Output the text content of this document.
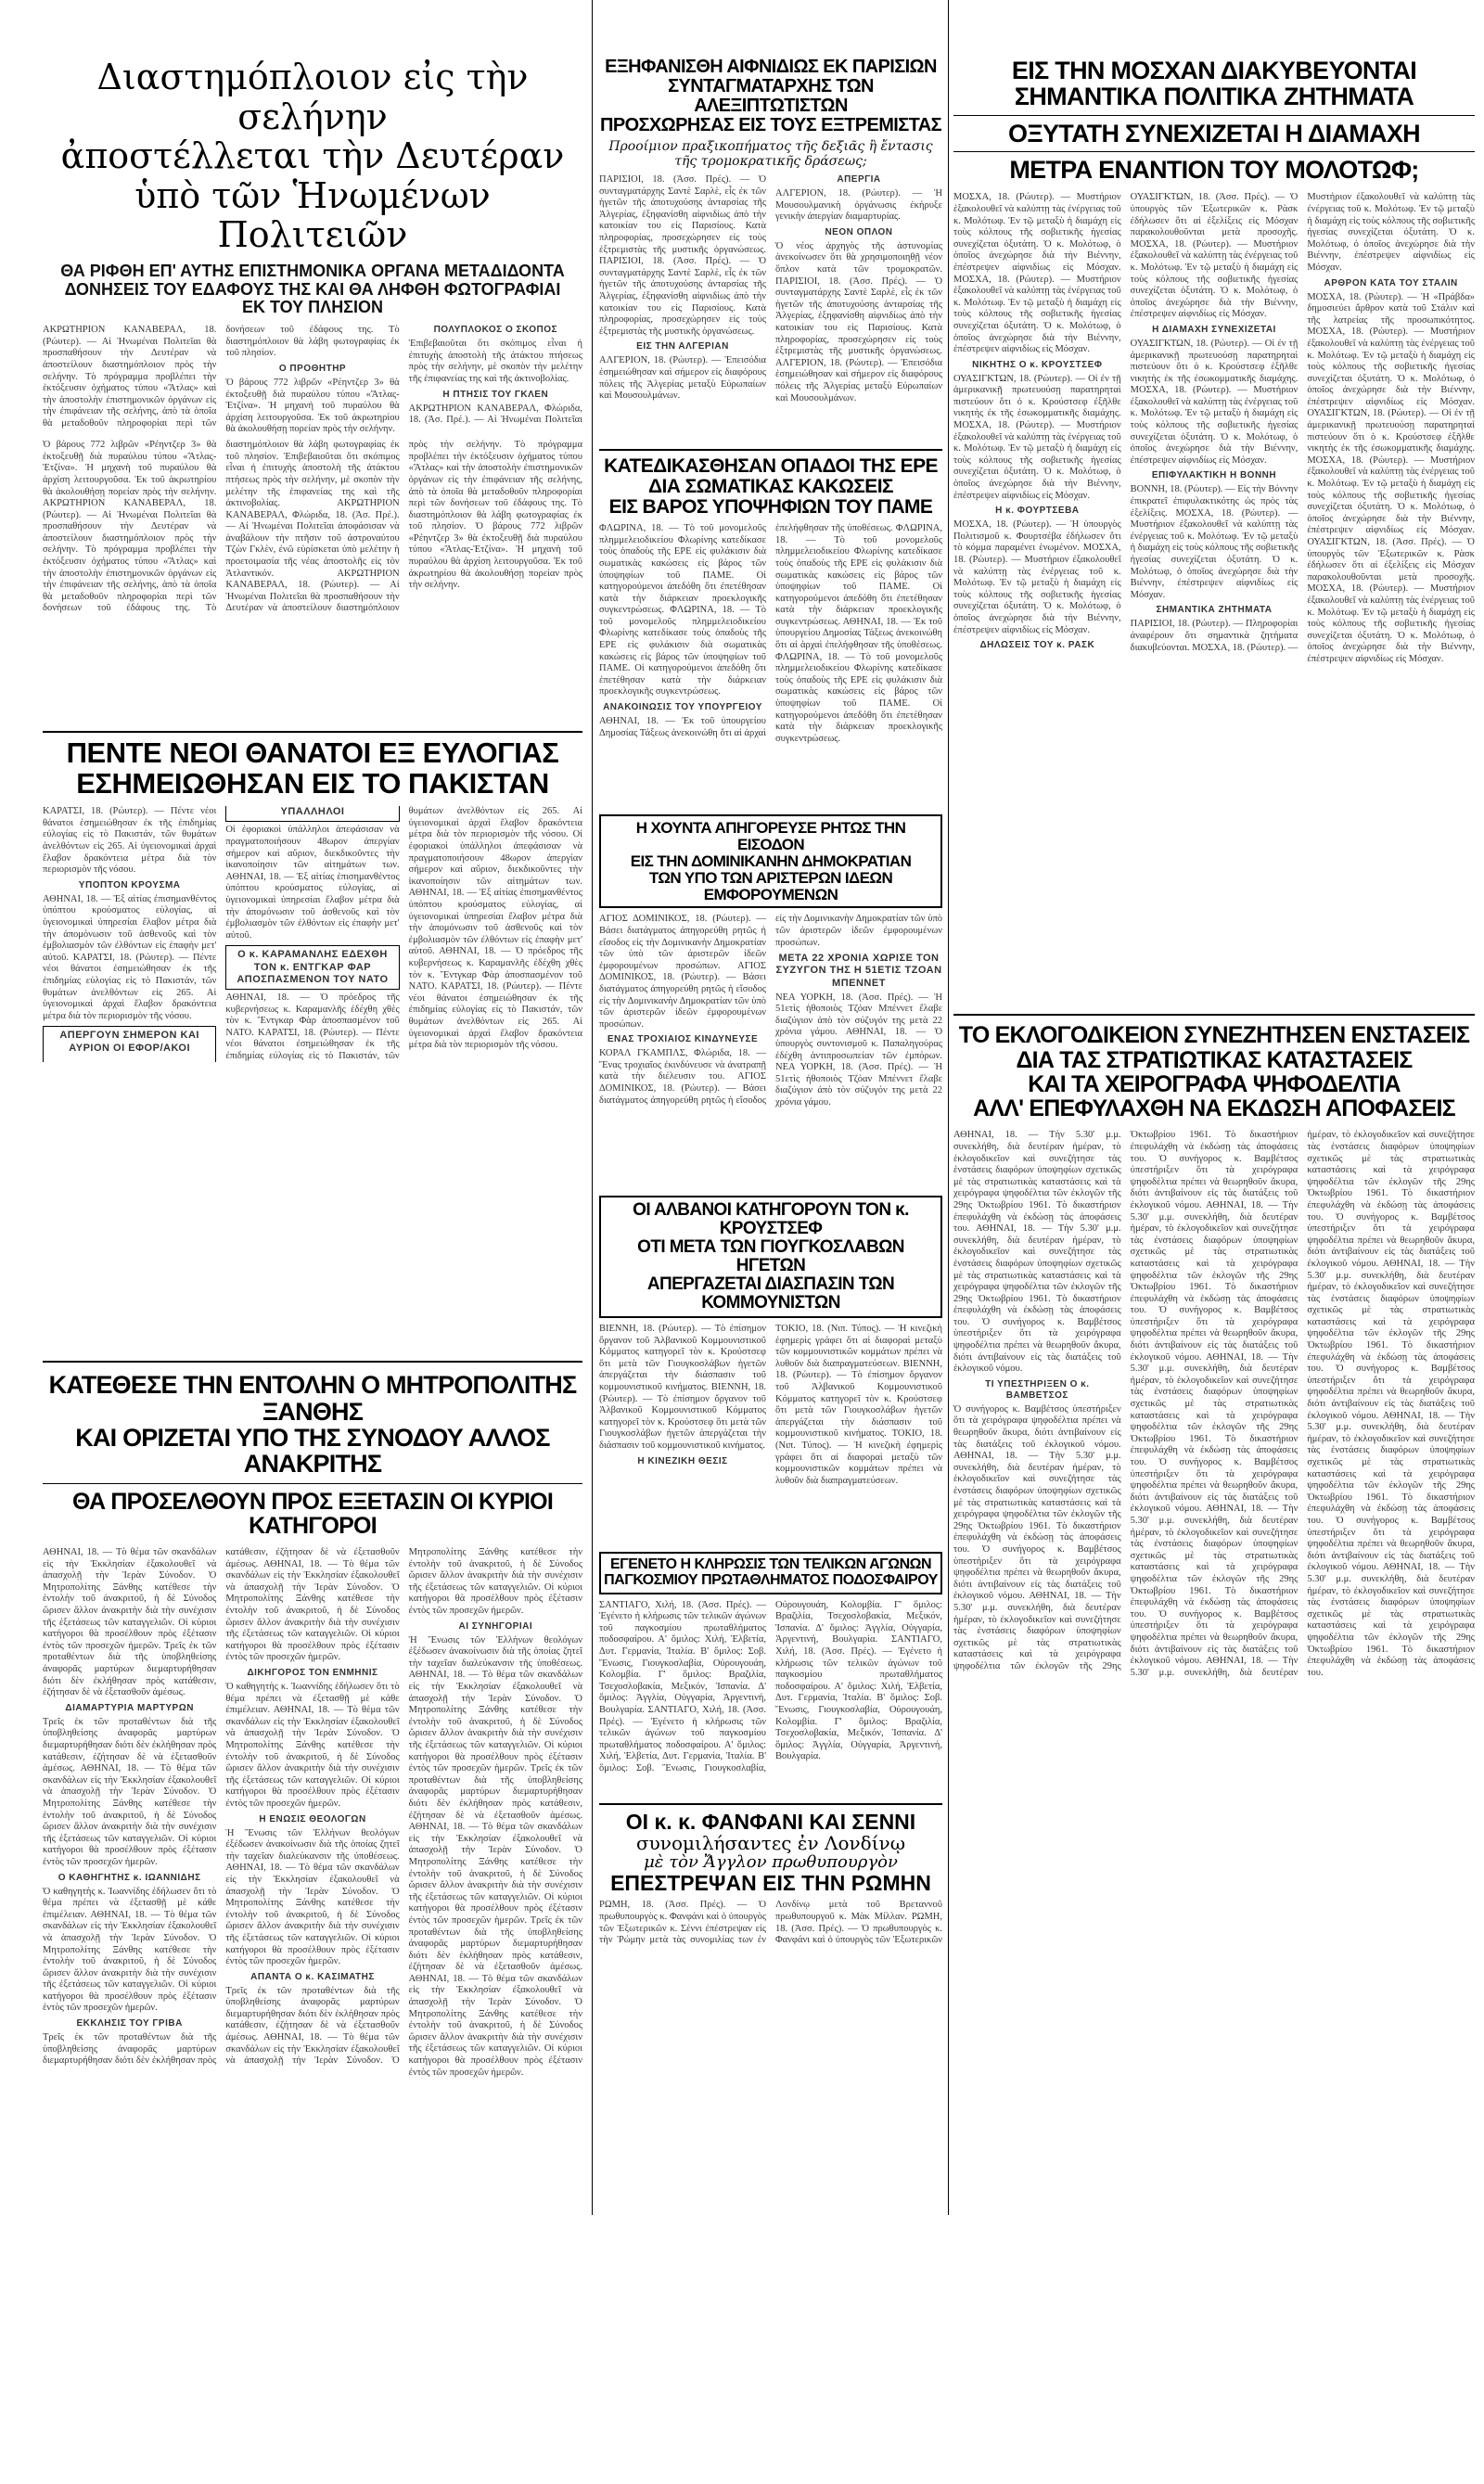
Διαστημόπλοιον εἰς τὴν σελήνην
ἀποστέλλεται τὴν Δευτέραν
ὑπὸ τῶν Ἡνωμένων Πολιτειῶν

ΘΑ ΡΙΦΘΗ ΕΠ' ΑΥΤΗΣ ΕΠΙΣΤΗΜΟΝΙΚΑ ΟΡΓΑΝΑ ΜΕΤΑΔΙΔΟΝΤΑ ΔΟΝΗΣΕΙΣ ΤΟΥ ΕΔΑΦΟΥΣ ΤΗΣ ΚΑΙ ΘΑ ΛΗΦΘΗ ΦΩΤΟΓΡΑΦΙΑΙ ΕΚ ΤΟΥ ΠΛΗΣΙΟΝ

ΑΚΡΩΤΗΡΙΟΝ ΚΑΝΑΒΕΡΑΛ, 18. (Ρώυτερ). — Αἱ Ἡνωμέναι Πολιτεῖαι θὰ προσπαθήσουν τὴν Δευτέραν νὰ ἀποστείλουν διαστημόπλοιον πρὸς τὴν σελήνην. Τὸ πρόγραμμα προβλέπει τὴν ἐκτόξευσιν ὀχήματος τύπου «Ἄτλας» καὶ τὴν ἀποστολὴν ἐπιστημονικῶν ὀργάνων εἰς τὴν ἐπιφάνειαν τῆς σελήνης, ἀπὸ τὰ ὁποῖα θὰ μεταδοθοῦν πληροφορίαι περὶ τῶν δονήσεων τοῦ ἐδάφους της. Τὸ διαστημόπλοιον θὰ λάβη φωτογραφίας ἐκ τοῦ πλησίον.
Ο ΠΡΟΘΗΤΗΡ
Ὁ βάρους 772 λιβρῶν «Ρέηντζερ 3» θὰ ἐκτοξευθῇ διὰ πυραύλου τύπου «Ἄτλας-Ἐτζίνα». Ἡ μηχανὴ τοῦ πυραύλου θὰ ἀρχίση λειτουργοῦσα. Ἐκ τοῦ ἀκρωτηρίου θὰ ἀκολουθήσῃ πορείαν πρὸς τὴν σελήνην.
ΠΟΛΥΠΛΟΚΟΣ Ο ΣΚΟΠΟΣ
Ἐπιβεβαιοῦται ὅτι σκόπιμος εἶναι ἡ ἐπιτυχὴς ἀποστολὴ τῆς ἀτάκτου πτήσεως πρὸς τὴν σελήνην, μὲ σκοπὸν τὴν μελέτην τῆς ἐπιφανείας της καὶ τῆς ἀκτινοβολίας.
Η ΠΤΗΣΙΣ ΤΟΥ ΓΚΛΕΝ
ΑΚΡΩΤΗΡΙΟΝ ΚΑΝΑΒΕΡΑΛ, Φλώριδα, 18. (Ἀσ. Πρέ.). — Αἱ Ἡνωμέναι Πολιτεῖαι
Ὁ βάρους 772 λιβρῶν «Ρέηντζερ 3» θὰ ἐκτοξευθῇ διὰ πυραύλου τύπου «Ἄτλας-Ἐτζίνα». Ἡ μηχανὴ τοῦ πυραύλου θὰ ἀρχίση λειτουργοῦσα. Ἐκ τοῦ ἀκρωτηρίου θὰ ἀκολουθήσῃ πορείαν πρὸς τὴν σελήνην. ΑΚΡΩΤΗΡΙΟΝ ΚΑΝΑΒΕΡΑΛ, 18. (Ρώυτερ). — Αἱ Ἡνωμέναι Πολιτεῖαι θὰ προσπαθήσουν τὴν Δευτέραν νὰ ἀποστείλουν διαστημόπλοιον πρὸς τὴν σελήνην. Τὸ πρόγραμμα προβλέπει τὴν ἐκτόξευσιν ὀχήματος τύπου «Ἄτλας» καὶ τὴν ἀποστολὴν ἐπιστημονικῶν ὀργάνων εἰς τὴν ἐπιφάνειαν τῆς σελήνης, ἀπὸ τὰ ὁποῖα θὰ μεταδοθοῦν πληροφορίαι περὶ τῶν δονήσεων τοῦ ἐδάφους της. Τὸ διαστημόπλοιον θὰ λάβη φωτογραφίας ἐκ τοῦ πλησίον. Ἐπιβεβαιοῦται ὅτι σκόπιμος εἶναι ἡ ἐπιτυχὴς ἀποστολὴ τῆς ἀτάκτου πτήσεως πρὸς τὴν σελήνην, μὲ σκοπὸν τὴν μελέτην τῆς ἐπιφανείας της καὶ τῆς ἀκτινοβολίας.	ΑΚΡΩΤΗΡΙΟΝ ΚΑΝΑΒΕΡΑΛ, Φλώριδα, 18. (Ἀσ. Πρέ.). — Αἱ Ἡνωμέναι Πολιτεῖαι ἀποφάσισαν νὰ ἀναβάλουν τὴν πτῆσιν τοῦ ἀστροναύτου Τζὼν Γκλὲν, ἐνῶ εὑρίσκεται ὑπὸ μελέτην ἡ προετοιμασία τῆς νέας ἀποστολῆς εἰς τὸν Ἀτλαντικόν.	ΑΚΡΩΤΗΡΙΟΝ ΚΑΝΑΒΕΡΑΛ, 18. (Ρώυτερ). — Αἱ Ἡνωμέναι Πολιτεῖαι θὰ προσπαθήσουν τὴν Δευτέραν νὰ ἀποστείλουν διαστημόπλοιον πρὸς τὴν σελήνην. Τὸ πρόγραμμα προβλέπει τὴν ἐκτόξευσιν ὀχήματος τύπου «Ἄτλας» καὶ τὴν ἀποστολὴν ἐπιστημονικῶν ὀργάνων εἰς τὴν ἐπιφάνειαν τῆς σελήνης, ἀπὸ τὰ ὁποῖα θὰ μεταδοθοῦν πληροφορίαι περὶ τῶν δονήσεων τοῦ ἐδάφους της. Τὸ διαστημόπλοιον θὰ λάβη φωτογραφίας ἐκ τοῦ πλησίον. Ὁ βάρους 772 λιβρῶν «Ρέηντζερ 3» θὰ ἐκτοξευθῇ διὰ πυραύλου τύπου «Ἄτλας-Ἐτζίνα». Ἡ μηχανὴ τοῦ πυραύλου θὰ ἀρχίση λειτουργοῦσα. Ἐκ τοῦ ἀκρωτηρίου θὰ ἀκολουθήσῃ πορείαν πρὸς τὴν σελήνην.
ΠΕΝΤΕ ΝΕΟΙ ΘΑΝΑΤΟΙ ΕΞ ΕΥΛΟΓΙΑΣ
ΕΣΗΜΕΙΩΘΗΣΑΝ ΕΙΣ ΤΟ ΠΑΚΙΣΤΑΝ
ΚΑΡΑΤΣΙ, 18. (Ρώυτερ). — Πέντε νέοι θάνατοι ἐσημειώθησαν ἐκ τῆς ἐπιδημίας εὐλογίας εἰς τὸ Πακιστάν, τῶν θυμάτων ἀνελθόντων εἰς 265. Αἱ ὑγειονομικαὶ ἀρχαὶ ἔλαβον δρακόντεια μέτρα διὰ τὸν περιορισμὸν τῆς νόσου.
ΥΠΟΠΤΟΝ ΚΡΟΥΣΜΑ
ΑΘΗΝΑΙ, 18. — Ἐξ αἰτίας ἐπισημανθέντος ὑπόπτου κρούσματος εὐλογίας, αἱ ὑγειονομικαὶ ὑπηρεσίαι ἔλαβον μέτρα διὰ τὴν ἀπομόνωσιν τοῦ ἀσθενοῦς καὶ τὸν ἐμβολιασμὸν τῶν ἐλθόντων εἰς ἐπαφὴν μετ' αὐτοῦ. ΚΑΡΑΤΣΙ, 18. (Ρώυτερ). — Πέντε νέοι θάνατοι ἐσημειώθησαν ἐκ τῆς ἐπιδημίας εὐλογίας εἰς τὸ Πακιστάν, τῶν θυμάτων ἀνελθόντων εἰς 265. Αἱ ὑγειονομικαὶ ἀρχαὶ ἔλαβον δρακόντεια μέτρα διὰ τὸν περιορισμὸν τῆς νόσου.
ΑΠΕΡΓΟΥΝ ΣΗΜΕΡΟΝ ΚΑΙ ΑΥΡΙΟΝ ΟΙ ΕΦΟΡ/ΑΚΟΙ ΥΠΑΛΛΗΛΟΙ
Οἱ ἐφοριακοὶ ὑπάλληλοι ἀπεφάσισαν νὰ πραγματοποιήσουν 48ωρον ἀπεργίαν σήμερον καὶ αὔριον, διεκδικοῦντες τὴν ἱκανοποίησιν τῶν αἰτημάτων των. ΑΘΗΝΑΙ, 18. — Ἐξ αἰτίας ἐπισημανθέντος ὑπόπτου κρούσματος εὐλογίας, αἱ ὑγειονομικαὶ ὑπηρεσίαι ἔλαβον μέτρα διὰ τὴν ἀπομόνωσιν τοῦ ἀσθενοῦς καὶ τὸν ἐμβολιασμὸν τῶν ἐλθόντων εἰς ἐπαφὴν μετ' αὐτοῦ.
Ο κ. ΚΑΡΑΜΑΝΛΗΣ ΕΔΕΧΘΗ ΤΟΝ κ. ΕΝΤΓΚΑΡ ΦΑΡ ΑΠΟΣΠΑΣΜΕΝΟΝ ΤΟΥ ΝΑΤΟ
ΑΘΗΝΑΙ, 18. — Ὁ πρόεδρος τῆς κυβερνήσεως κ. Καραμανλῆς ἐδέχθη χθὲς τὸν κ. Ἔντγκαρ Φὰρ ἀποσπασμένον τοῦ ΝΑΤΟ. ΚΑΡΑΤΣΙ, 18. (Ρώυτερ). — Πέντε νέοι θάνατοι ἐσημειώθησαν ἐκ τῆς ἐπιδημίας εὐλογίας εἰς τὸ Πακιστάν, τῶν θυμάτων ἀνελθόντων εἰς 265. Αἱ ὑγειονομικαὶ ἀρχαὶ ἔλαβον δρακόντεια μέτρα διὰ τὸν περιορισμὸν τῆς νόσου. Οἱ ἐφοριακοὶ ὑπάλληλοι ἀπεφάσισαν νὰ πραγματοποιήσουν 48ωρον ἀπεργίαν σήμερον καὶ αὔριον, διεκδικοῦντες τὴν ἱκανοποίησιν τῶν αἰτημάτων των. ΑΘΗΝΑΙ, 18. — Ἐξ αἰτίας ἐπισημανθέντος ὑπόπτου κρούσματος εὐλογίας, αἱ ὑγειονομικαὶ ὑπηρεσίαι ἔλαβον μέτρα διὰ τὴν ἀπομόνωσιν τοῦ ἀσθενοῦς καὶ τὸν ἐμβολιασμὸν τῶν ἐλθόντων εἰς ἐπαφὴν μετ' αὐτοῦ. ΑΘΗΝΑΙ, 18. — Ὁ πρόεδρος τῆς κυβερνήσεως κ. Καραμανλῆς ἐδέχθη χθὲς τὸν κ. Ἔντγκαρ Φὰρ ἀποσπασμένον τοῦ ΝΑΤΟ. ΚΑΡΑΤΣΙ, 18. (Ρώυτερ). — Πέντε νέοι θάνατοι ἐσημειώθησαν ἐκ τῆς ἐπιδημίας εὐλογίας εἰς τὸ Πακιστάν, τῶν θυμάτων ἀνελθόντων εἰς 265. Αἱ ὑγειονομικαὶ ἀρχαὶ ἔλαβον δρακόντεια μέτρα διὰ τὸν περιορισμὸν τῆς νόσου.
ΚΑΤΕΘΕΣΕ ΤΗΝ ΕΝΤΟΛΗΝ Ο ΜΗΤΡΟΠΟΛΙΤΗΣ ΞΑΝΘΗΣ
ΚΑΙ ΟΡΙΖΕΤΑΙ ΥΠΟ ΤΗΣ ΣΥΝΟΔΟΥ ΑΛΛΟΣ ΑΝΑΚΡΙΤΗΣ
ΘΑ ΠΡΟΣΕΛΘΟΥΝ ΠΡΟΣ ΕΞΕΤΑΣΙΝ ΟΙ ΚΥΡΙΟΙ ΚΑΤΗΓΟΡΟΙ
ΑΘΗΝΑΙ, 18. — Τὸ θέμα τῶν σκανδάλων εἰς τὴν Ἐκκλησίαν ἐξακολουθεῖ νὰ ἀπασχολῇ τὴν Ἱερὰν Σύνοδον. Ὁ Μητροπολίτης Ξάνθης κατέθεσε τὴν ἐντολὴν τοῦ ἀνακριτοῦ, ἡ δὲ Σύνοδος ὥρισεν ἄλλον ἀνακριτὴν διὰ τὴν συνέχισιν τῆς ἐξετάσεως τῶν καταγγελιῶν. Οἱ κύριοι κατήγοροι θὰ προσέλθουν πρὸς ἐξέτασιν ἐντὸς τῶν προσεχῶν ἡμερῶν. Τρεῖς ἐκ τῶν προταθέντων διὰ τῆς ὑποβληθείσης ἀναφορᾶς μαρτύρων διεμαρτυρήθησαν διότι δὲν ἐκλήθησαν πρὸς κατάθεσιν, ἐζήτησαν δὲ νὰ ἐξετασθοῦν ἀμέσως.
ΔΙΑΜΑΡΤΥΡΙΑ ΜΑΡΤΥΡΩΝ
Τρεῖς ἐκ τῶν προταθέντων διὰ τῆς ὑποβληθείσης ἀναφορᾶς μαρτύρων διεμαρτυρήθησαν διότι δὲν ἐκλήθησαν πρὸς κατάθεσιν, ἐζήτησαν δὲ νὰ ἐξετασθοῦν ἀμέσως. ΑΘΗΝΑΙ, 18. — Τὸ θέμα τῶν σκανδάλων εἰς τὴν Ἐκκλησίαν ἐξακολουθεῖ νὰ ἀπασχολῇ τὴν Ἱερὰν Σύνοδον. Ὁ Μητροπολίτης Ξάνθης κατέθεσε τὴν ἐντολὴν τοῦ ἀνακριτοῦ, ἡ δὲ Σύνοδος ὥρισεν ἄλλον ἀνακριτὴν διὰ τὴν συνέχισιν τῆς ἐξετάσεως τῶν καταγγελιῶν. Οἱ κύριοι κατήγοροι θὰ προσέλθουν πρὸς ἐξέτασιν ἐντὸς τῶν προσεχῶν ἡμερῶν.
Ο ΚΑΘΗΓΗΤΗΣ κ. ΙΩΑΝΝΙΔΗΣ
Ὁ καθηγητὴς κ. Ἰωαννίδης ἐδήλωσεν ὅτι τὸ θέμα πρέπει νὰ ἐξετασθῇ μὲ κάθε ἐπιμέλειαν. ΑΘΗΝΑΙ, 18. — Τὸ θέμα τῶν σκανδάλων εἰς τὴν Ἐκκλησίαν ἐξακολουθεῖ νὰ ἀπασχολῇ τὴν Ἱερὰν Σύνοδον. Ὁ Μητροπολίτης Ξάνθης κατέθεσε τὴν ἐντολὴν τοῦ ἀνακριτοῦ, ἡ δὲ Σύνοδος ὥρισεν ἄλλον ἀνακριτὴν διὰ τὴν συνέχισιν τῆς ἐξετάσεως τῶν καταγγελιῶν. Οἱ κύριοι κατήγοροι θὰ προσέλθουν πρὸς ἐξέτασιν ἐντὸς τῶν προσεχῶν ἡμερῶν.
ΕΚΚΛΗΣΙΣ ΤΟΥ ΓΡΙΒΑ
Τρεῖς ἐκ τῶν προταθέντων διὰ τῆς ὑποβληθείσης ἀναφορᾶς μαρτύρων διεμαρτυρήθησαν διότι δὲν ἐκλήθησαν πρὸς κατάθεσιν, ἐζήτησαν δὲ νὰ ἐξετασθοῦν ἀμέσως. ΑΘΗΝΑΙ, 18. — Τὸ θέμα τῶν σκανδάλων εἰς τὴν Ἐκκλησίαν ἐξακολουθεῖ νὰ ἀπασχολῇ τὴν Ἱερὰν Σύνοδον. Ὁ Μητροπολίτης Ξάνθης κατέθεσε τὴν ἐντολὴν τοῦ ἀνακριτοῦ, ἡ δὲ Σύνοδος ὥρισεν ἄλλον ἀνακριτὴν διὰ τὴν συνέχισιν τῆς ἐξετάσεως τῶν καταγγελιῶν. Οἱ κύριοι κατήγοροι θὰ προσέλθουν πρὸς ἐξέτασιν ἐντὸς τῶν προσεχῶν ἡμερῶν.
ΔΙΚΗΓΟΡΟΣ ΤΟΝ ΕΝΜΗΝΙΣ
Ὁ καθηγητὴς κ. Ἰωαννίδης ἐδήλωσεν ὅτι τὸ θέμα πρέπει νὰ ἐξετασθῇ μὲ κάθε ἐπιμέλειαν. ΑΘΗΝΑΙ, 18. — Τὸ θέμα τῶν σκανδάλων εἰς τὴν Ἐκκλησίαν ἐξακολουθεῖ νὰ ἀπασχολῇ τὴν Ἱερὰν Σύνοδον. Ὁ Μητροπολίτης Ξάνθης κατέθεσε τὴν ἐντολὴν τοῦ ἀνακριτοῦ, ἡ δὲ Σύνοδος ὥρισεν ἄλλον ἀνακριτὴν διὰ τὴν συνέχισιν τῆς ἐξετάσεως τῶν καταγγελιῶν. Οἱ κύριοι κατήγοροι θὰ προσέλθουν πρὸς ἐξέτασιν ἐντὸς τῶν προσεχῶν ἡμερῶν.
Η ΕΝΩΣΙΣ ΘΕΟΛΟΓΩΝ
Ἡ Ἕνωσις τῶν Ἑλλήνων θεολόγων ἐξέδωσεν ἀνακοίνωσιν διὰ τῆς ὁποίας ζητεῖ τὴν ταχεῖαν διαλεύκανσιν τῆς ὑποθέσεως. ΑΘΗΝΑΙ, 18. — Τὸ θέμα τῶν σκανδάλων εἰς τὴν Ἐκκλησίαν ἐξακολουθεῖ νὰ ἀπασχολῇ τὴν Ἱερὰν Σύνοδον. Ὁ Μητροπολίτης Ξάνθης κατέθεσε τὴν ἐντολὴν τοῦ ἀνακριτοῦ, ἡ δὲ Σύνοδος ὥρισεν ἄλλον ἀνακριτὴν διὰ τὴν συνέχισιν τῆς ἐξετάσεως τῶν καταγγελιῶν. Οἱ κύριοι κατήγοροι θὰ προσέλθουν πρὸς ἐξέτασιν ἐντὸς τῶν προσεχῶν ἡμερῶν.
ΑΠΑΝΤΑ Ο κ. ΚΑΣΙΜΑΤΗΣ
Τρεῖς ἐκ τῶν προταθέντων διὰ τῆς ὑποβληθείσης ἀναφορᾶς μαρτύρων διεμαρτυρήθησαν διότι δὲν ἐκλήθησαν πρὸς κατάθεσιν, ἐζήτησαν δὲ νὰ ἐξετασθοῦν ἀμέσως. ΑΘΗΝΑΙ, 18. — Τὸ θέμα τῶν σκανδάλων εἰς τὴν Ἐκκλησίαν ἐξακολουθεῖ νὰ ἀπασχολῇ τὴν Ἱερὰν Σύνοδον. Ὁ Μητροπολίτης Ξάνθης κατέθεσε τὴν ἐντολὴν τοῦ ἀνακριτοῦ, ἡ δὲ Σύνοδος ὥρισεν ἄλλον ἀνακριτὴν διὰ τὴν συνέχισιν τῆς ἐξετάσεως τῶν καταγγελιῶν. Οἱ κύριοι κατήγοροι θὰ προσέλθουν πρὸς ἐξέτασιν ἐντὸς τῶν προσεχῶν ἡμερῶν.
ΑΙ ΣΥΝΗΓΟΡΙΑΙ
Ἡ Ἕνωσις τῶν Ἑλλήνων θεολόγων ἐξέδωσεν ἀνακοίνωσιν διὰ τῆς ὁποίας ζητεῖ τὴν ταχεῖαν διαλεύκανσιν τῆς ὑποθέσεως. ΑΘΗΝΑΙ, 18. — Τὸ θέμα τῶν σκανδάλων εἰς τὴν Ἐκκλησίαν ἐξακολουθεῖ νὰ ἀπασχολῇ τὴν Ἱερὰν Σύνοδον. Ὁ Μητροπολίτης Ξάνθης κατέθεσε τὴν ἐντολὴν τοῦ ἀνακριτοῦ, ἡ δὲ Σύνοδος ὥρισεν ἄλλον ἀνακριτὴν διὰ τὴν συνέχισιν τῆς ἐξετάσεως τῶν καταγγελιῶν. Οἱ κύριοι κατήγοροι θὰ προσέλθουν πρὸς ἐξέτασιν ἐντὸς τῶν προσεχῶν ἡμερῶν. Τρεῖς ἐκ τῶν προταθέντων διὰ τῆς ὑποβληθείσης ἀναφορᾶς μαρτύρων διεμαρτυρήθησαν διότι δὲν ἐκλήθησαν πρὸς κατάθεσιν, ἐζήτησαν δὲ νὰ ἐξετασθοῦν ἀμέσως. ΑΘΗΝΑΙ, 18. — Τὸ θέμα τῶν σκανδάλων εἰς τὴν Ἐκκλησίαν ἐξακολουθεῖ νὰ ἀπασχολῇ τὴν Ἱερὰν Σύνοδον. Ὁ Μητροπολίτης Ξάνθης κατέθεσε τὴν ἐντολὴν τοῦ ἀνακριτοῦ, ἡ δὲ Σύνοδος ὥρισεν ἄλλον ἀνακριτὴν διὰ τὴν συνέχισιν τῆς ἐξετάσεως τῶν καταγγελιῶν. Οἱ κύριοι κατήγοροι θὰ προσέλθουν πρὸς ἐξέτασιν ἐντὸς τῶν προσεχῶν ἡμερῶν. Τρεῖς ἐκ τῶν προταθέντων διὰ τῆς ὑποβληθείσης ἀναφορᾶς μαρτύρων διεμαρτυρήθησαν διότι δὲν ἐκλήθησαν πρὸς κατάθεσιν, ἐζήτησαν δὲ νὰ ἐξετασθοῦν ἀμέσως. ΑΘΗΝΑΙ, 18. — Τὸ θέμα τῶν σκανδάλων εἰς τὴν Ἐκκλησίαν ἐξακολουθεῖ νὰ ἀπασχολῇ τὴν Ἱερὰν Σύνοδον. Ὁ Μητροπολίτης Ξάνθης κατέθεσε τὴν ἐντολὴν τοῦ ἀνακριτοῦ, ἡ δὲ Σύνοδος ὥρισεν ἄλλον ἀνακριτὴν διὰ τὴν συνέχισιν τῆς ἐξετάσεως τῶν καταγγελιῶν. Οἱ κύριοι κατήγοροι θὰ προσέλθουν πρὸς ἐξέτασιν ἐντὸς τῶν προσεχῶν ἡμερῶν.
ΕΞΗΦΑΝΙΣΘΗ ΑΙΦΝΙΔΙΩΣ ΕΚ ΠΑΡΙΣΙΩΝ
ΣΥΝΤΑΓΜΑΤΑΡΧΗΣ ΤΩΝ ΑΛΕΞΙΠΤΩΤΙΣΤΩΝ
ΠΡΟΣΧΩΡΗΣΑΣ ΕΙΣ ΤΟΥΣ ΕΞΤΡΕΜΙΣΤΑΣ

Προοίμιον πραξικοπήματος τῆς δεξιᾶς ἢ ἔντασις τῆς τρομοκρατικῆς δράσεως;

ΠΑΡΙΣΙΟΙ, 18. (Ἀσσ. Πρές). — Ὁ συνταγματάρχης Σαντὲ Σαρλὲ, εἷς ἐκ τῶν ἡγετῶν τῆς ἀποτυχούσης ἀνταρσίας τῆς Ἀλγερίας, ἐξηφανίσθη αἰφνιδίως ἀπὸ τὴν κατοικίαν του εἰς Παρισίους. Κατὰ πληροφορίας, προσεχώρησεν εἰς τοὺς ἐξτρεμιστὰς τῆς μυστικῆς ὀργανώσεως. ΠΑΡΙΣΙΟΙ, 18. (Ἀσσ. Πρές). — Ὁ συνταγματάρχης Σαντὲ Σαρλὲ, εἷς ἐκ τῶν ἡγετῶν τῆς ἀποτυχούσης ἀνταρσίας τῆς Ἀλγερίας, ἐξηφανίσθη αἰφνιδίως ἀπὸ τὴν κατοικίαν του εἰς Παρισίους. Κατὰ πληροφορίας, προσεχώρησεν εἰς τοὺς ἐξτρεμιστὰς τῆς μυστικῆς ὀργανώσεως.
ΕΙΣ ΤΗΝ ΑΛΓΕΡΙΑΝ
ΑΛΓΕΡΙΟΝ, 18. (Ρώυτερ). — Ἐπεισόδια ἐσημειώθησαν καὶ σήμερον εἰς διαφόρους πόλεις τῆς Ἀλγερίας μεταξὺ Εὐρωπαίων καὶ Μουσουλμάνων.
ΑΠΕΡΓΙΑ
ΑΛΓΕΡΙΟΝ, 18. (Ρώυτερ). — Ἡ Μουσουλμανικὴ ὀργάνωσις ἐκήρυξε γενικὴν ἀπεργίαν διαμαρτυρίας.
ΝΕΟΝ ΟΠΛΟΝ
Ὁ νέος ἀρχηγὸς τῆς ἀστυνομίας ἀνεκοίνωσεν ὅτι θὰ χρησιμοποιηθῇ νέον ὅπλον κατὰ τῶν τρομοκρατῶν. ΠΑΡΙΣΙΟΙ, 18. (Ἀσσ. Πρές). — Ὁ συνταγματάρχης Σαντὲ Σαρλὲ, εἷς ἐκ τῶν ἡγετῶν τῆς ἀποτυχούσης ἀνταρσίας τῆς Ἀλγερίας, ἐξηφανίσθη αἰφνιδίως ἀπὸ τὴν κατοικίαν του εἰς Παρισίους. Κατὰ πληροφορίας, προσεχώρησεν εἰς τοὺς ἐξτρεμιστὰς τῆς μυστικῆς ὀργανώσεως. ΑΛΓΕΡΙΟΝ, 18. (Ρώυτερ). — Ἐπεισόδια ἐσημειώθησαν καὶ σήμερον εἰς διαφόρους πόλεις τῆς Ἀλγερίας μεταξὺ Εὐρωπαίων καὶ Μουσουλμάνων.
ΚΑΤΕΔΙΚΑΣΘΗΣΑΝ ΟΠΑΔΟΙ ΤΗΣ ΕΡΕ
ΔΙΑ ΣΩΜΑΤΙΚΑΣ ΚΑΚΩΣΕΙΣ
ΕΙΣ ΒΑΡΟΣ ΥΠΟΨΗΦΙΩΝ ΤΟΥ ΠΑΜΕ
ΦΛΩΡΙΝΑ, 18. — Τὸ τοῦ μονομελοῦς πλημμελειοδικείου Φλωρίνης κατεδίκασε τοὺς ὀπαδοὺς τῆς ΕΡΕ εἰς φυλάκισιν διὰ σωματικὰς κακώσεις εἰς βάρος τῶν ὑποψηφίων τοῦ ΠΑΜΕ. Οἱ κατηγορούμενοι ἀπεδόθη ὅτι ἐπετέθησαν κατὰ τὴν διάρκειαν προεκλογικῆς συγκεντρώσεως. ΦΛΩΡΙΝΑ, 18. — Τὸ τοῦ μονομελοῦς πλημμελειοδικείου Φλωρίνης κατεδίκασε τοὺς ὀπαδοὺς τῆς ΕΡΕ εἰς φυλάκισιν διὰ σωματικὰς κακώσεις εἰς βάρος τῶν ὑποψηφίων τοῦ ΠΑΜΕ. Οἱ κατηγορούμενοι ἀπεδόθη ὅτι ἐπετέθησαν κατὰ τὴν διάρκειαν προεκλογικῆς συγκεντρώσεως.
ΑΝΑΚΟΙΝΩΣΙΣ ΤΟΥ ΥΠΟΥΡΓΕΙΟΥ
ΑΘΗΝΑΙ, 18. — Ἐκ τοῦ ὑπουργείου Δημοσίας Τάξεως ἀνεκοινώθη ὅτι αἱ ἀρχαὶ ἐπελήφθησαν τῆς ὑποθέσεως. ΦΛΩΡΙΝΑ, 18. — Τὸ τοῦ μονομελοῦς πλημμελειοδικείου Φλωρίνης κατεδίκασε τοὺς ὀπαδοὺς τῆς ΕΡΕ εἰς φυλάκισιν διὰ σωματικὰς κακώσεις εἰς βάρος τῶν ὑποψηφίων τοῦ ΠΑΜΕ. Οἱ κατηγορούμενοι ἀπεδόθη ὅτι ἐπετέθησαν κατὰ τὴν διάρκειαν προεκλογικῆς συγκεντρώσεως. ΑΘΗΝΑΙ, 18. — Ἐκ τοῦ ὑπουργείου Δημοσίας Τάξεως ἀνεκοινώθη ὅτι αἱ ἀρχαὶ ἐπελήφθησαν τῆς ὑποθέσεως. ΦΛΩΡΙΝΑ, 18. — Τὸ τοῦ μονομελοῦς πλημμελειοδικείου Φλωρίνης κατεδίκασε τοὺς ὀπαδοὺς τῆς ΕΡΕ εἰς φυλάκισιν διὰ σωματικὰς κακώσεις εἰς βάρος τῶν ὑποψηφίων τοῦ ΠΑΜΕ. Οἱ κατηγορούμενοι ἀπεδόθη ὅτι ἐπετέθησαν κατὰ τὴν διάρκειαν προεκλογικῆς συγκεντρώσεως.
Η ΧΟΥΝΤΑ ΑΠΗΓΟΡΕΥΣΕ ΡΗΤΩΣ ΤΗΝ ΕΙΣΟΔΟΝ
ΕΙΣ ΤΗΝ ΔΟΜΙΝΙΚΑΝΗΝ ΔΗΜΟΚΡΑΤΙΑΝ
ΤΩΝ ΥΠΟ ΤΩΝ ΑΡΙΣΤΕΡΩΝ ΙΔΕΩΝ ΕΜΦΟΡΟΥΜΕΝΩΝ
ΑΓΙΟΣ ΔΟΜΙΝΙΚΟΣ, 18. (Ρώυτερ). — Βάσει διατάγματος ἀπηγορεύθη ρητῶς ἡ εἴσοδος εἰς τὴν Δομινικανὴν Δημοκρατίαν τῶν ὑπὸ τῶν ἀριστερῶν ἰδεῶν ἐμφορουμένων προσώπων. ΑΓΙΟΣ ΔΟΜΙΝΙΚΟΣ, 18. (Ρώυτερ). — Βάσει διατάγματος ἀπηγορεύθη ρητῶς ἡ εἴσοδος εἰς τὴν Δομινικανὴν Δημοκρατίαν τῶν ὑπὸ τῶν ἀριστερῶν ἰδεῶν ἐμφορουμένων προσώπων.
ΕΝΑΣ ΤΡΟΧΙΑΙΟΣ ΚΙΝΔΥΝΕΥΣΕ
ΚΟΡΑΛ ΓΚΑΜΠΛΣ, Φλώριδα, 18. — Ἕνας τροχιαῖος ἐκινδύνευσε νὰ ἀνατραπῇ κατὰ τὴν διέλευσιν του. ΑΓΙΟΣ ΔΟΜΙΝΙΚΟΣ, 18. (Ρώυτερ). — Βάσει διατάγματος ἀπηγορεύθη ρητῶς ἡ εἴσοδος εἰς τὴν Δομινικανὴν Δημοκρατίαν τῶν ὑπὸ τῶν ἀριστερῶν ἰδεῶν ἐμφορουμένων προσώπων.
ΜΕΤΑ 22 ΧΡΟΝΙΑ ΧΩΡΙΣΕ ΤΟΝ ΣΥΖΥΓΟΝ ΤΗΣ Η 51ΕΤΙΣ ΤΖΟΑΝ ΜΠΕΝΝΕΤ
ΝΕΑ ΥΟΡΚΗ, 18. (Ἀσσ. Πρές). — Ἡ 51ετὶς ἠθοποιὸς Τζόαν Μπέννετ ἔλαβε διαζύγιον ἀπὸ τὸν σύζυγόν της μετὰ 22 χρόνια γάμου. ΑΘΗΝΑΙ, 18. — Ὁ ὑπουργὸς συντονισμοῦ κ. Παπαληγούρας ἐδέχθη ἀντιπροσωπείαν τῶν ἐμπόρων. ΝΕΑ ΥΟΡΚΗ, 18. (Ἀσσ. Πρές). — Ἡ 51ετὶς ἠθοποιὸς Τζόαν Μπέννετ ἔλαβε διαζύγιον ἀπὸ τὸν σύζυγόν της μετὰ 22 χρόνια γάμου.
ΟΙ ΑΛΒΑΝΟΙ ΚΑΤΗΓΟΡΟΥΝ ΤΟΝ κ. ΚΡΟΥΣΤΣΕΦ
ΟΤΙ ΜΕΤΑ ΤΩΝ ΓΙΟΥΓΚΟΣΛΑΒΩΝ ΗΓΕΤΩΝ
ΑΠΕΡΓΑΖΕΤΑΙ ΔΙΑΣΠΑΣΙΝ ΤΩΝ ΚΟΜΜΟΥΝΙΣΤΩΝ
ΒΙΕΝΝΗ, 18. (Ρώυτερ). — Τὸ ἐπίσημον ὄργανον τοῦ Ἀλβανικοῦ Κομμουνιστικοῦ Κόμματος κατηγορεῖ τὸν κ. Κρούστσεφ ὅτι μετὰ τῶν Γιουγκοσλάβων ἡγετῶν ἀπεργάζεται τὴν διάσπασιν τοῦ κομμουνιστικοῦ κινήματος. ΒΙΕΝΝΗ, 18. (Ρώυτερ). — Τὸ ἐπίσημον ὄργανον τοῦ Ἀλβανικοῦ Κομμουνιστικοῦ Κόμματος κατηγορεῖ τὸν κ. Κρούστσεφ ὅτι μετὰ τῶν Γιουγκοσλάβων ἡγετῶν ἀπεργάζεται τὴν διάσπασιν τοῦ κομμουνιστικοῦ κινήματος.
Η ΚΙΝΕΖΙΚΗ ΘΕΣΙΣ
ΤΟΚΙΟ, 18. (Νιπ. Τύπος). — Ἡ κινεζικὴ ἐφημερὶς γράφει ὅτι αἱ διαφοραὶ μεταξὺ τῶν κομμουνιστικῶν κομμάτων πρέπει νὰ λυθοῦν διὰ διαπραγματεύσεων. ΒΙΕΝΝΗ, 18. (Ρώυτερ). — Τὸ ἐπίσημον ὄργανον τοῦ Ἀλβανικοῦ Κομμουνιστικοῦ Κόμματος κατηγορεῖ τὸν κ. Κρούστσεφ ὅτι μετὰ τῶν Γιουγκοσλάβων ἡγετῶν ἀπεργάζεται τὴν διάσπασιν τοῦ κομμουνιστικοῦ κινήματος. ΤΟΚΙΟ, 18. (Νιπ. Τύπος). — Ἡ κινεζικὴ ἐφημερὶς γράφει ὅτι αἱ διαφοραὶ μεταξὺ τῶν κομμουνιστικῶν κομμάτων πρέπει νὰ λυθοῦν διὰ διαπραγματεύσεων.
ΕΓΕΝΕΤΟ Η ΚΛΗΡΩΣΙΣ ΤΩΝ ΤΕΛΙΚΩΝ ΑΓΩΝΩΝ
ΠΑΓΚΟΣΜΙΟΥ ΠΡΩΤΑΘΛΗΜΑΤΟΣ ΠΟΔΟΣΦΑΙΡΟΥ
ΣΑΝΤΙΑΓΟ, Χιλή, 18. (Ἀσσ. Πρές). — Ἐγένετο ἡ κλήρωσις τῶν τελικῶν ἀγώνων τοῦ παγκοσμίου πρωταθλήματος ποδοσφαίρου. Α' ὅμιλος: Χιλή, Ἑλβετία, Δυτ. Γερμανία, Ἰταλία. Β' ὅμιλος: Σοβ. Ἕνωσις, Γιουγκοσλαβία, Οὐρουγουάη, Κολομβία. Γ' ὅμιλος: Βραζιλία, Τσεχοσλοβακία, Μεξικόν, Ἱσπανία. Δ' ὅμιλος: Ἀγγλία, Οὑγγαρία, Ἀργεντινή, Βουλγαρία. ΣΑΝΤΙΑΓΟ, Χιλή, 18. (Ἀσσ. Πρές). — Ἐγένετο ἡ κλήρωσις τῶν τελικῶν ἀγώνων τοῦ παγκοσμίου πρωταθλήματος ποδοσφαίρου. Α' ὅμιλος: Χιλή, Ἑλβετία, Δυτ. Γερμανία, Ἰταλία. Β' ὅμιλος: Σοβ. Ἕνωσις, Γιουγκοσλαβία, Οὐρουγουάη, Κολομβία. Γ' ὅμιλος: Βραζιλία, Τσεχοσλοβακία, Μεξικόν, Ἱσπανία. Δ' ὅμιλος: Ἀγγλία, Οὑγγαρία, Ἀργεντινή, Βουλγαρία. ΣΑΝΤΙΑΓΟ, Χιλή, 18. (Ἀσσ. Πρές). — Ἐγένετο ἡ κλήρωσις τῶν τελικῶν ἀγώνων τοῦ παγκοσμίου πρωταθλήματος ποδοσφαίρου. Α' ὅμιλος: Χιλή, Ἑλβετία, Δυτ. Γερμανία, Ἰταλία. Β' ὅμιλος: Σοβ. Ἕνωσις, Γιουγκοσλαβία, Οὐρουγουάη, Κολομβία. Γ' ὅμιλος: Βραζιλία, Τσεχοσλοβακία, Μεξικόν, Ἱσπανία. Δ' ὅμιλος: Ἀγγλία, Οὑγγαρία, Ἀργεντινή, Βουλγαρία.
ΟΙ κ. κ. ΦΑΝΦΑΝΙ ΚΑΙ ΣΕΝΝΙ

συνομιλήσαντες ἐν Λονδίνῳ

μὲ τὸν Ἄγγλον πρωθυπουργὸν

ΕΠΕΣΤΡΕΨΑΝ ΕΙΣ ΤΗΝ ΡΩΜΗΝ
ΡΩΜΗ, 18. (Ἀσσ. Πρές). — Ὁ πρωθυπουργὸς κ. Φανφάνι καὶ ὁ ὑπουργὸς τῶν Ἐξωτερικῶν κ. Σέννι ἐπέστρεψαν εἰς τὴν Ῥώμην μετὰ τὰς συνομιλίας των ἐν Λονδίνῳ μετὰ τοῦ Βρεταννοῦ πρωθυπουργοῦ κ. Μὰκ Μίλλαν. ΡΩΜΗ, 18. (Ἀσσ. Πρές). — Ὁ πρωθυπουργὸς κ. Φανφάνι καὶ ὁ ὑπουργὸς τῶν Ἐξωτερικῶν
ΕΙΣ ΤΗΝ ΜΟΣΧΑΝ ΔΙΑΚΥΒΕΥΟΝΤΑΙ
ΣΗΜΑΝΤΙΚΑ ΠΟΛΙΤΙΚΑ ΖΗΤΗΜΑΤΑ
ΟΞΥΤΑΤΗ ΣΥΝΕΧΙΖΕΤΑΙ Η ΔΙΑΜΑΧΗ
ΜΕΤΡΑ ΕΝΑΝΤΙΟΝ ΤΟΥ ΜΟΛΟΤΩΦ;
ΜΟΣΧΑ, 18. (Ρώυτερ). — Μυστήριον ἐξακολουθεῖ νὰ καλύπτῃ τὰς ἐνέργειας τοῦ κ. Μολότωφ. Ἐν τῷ μεταξὺ ἡ διαμάχη εἰς τοὺς κόλπους τῆς σοβιετικῆς ἡγεσίας συνεχίζεται ὀξυτάτη. Ὁ κ. Μολότωφ, ὁ ὁποῖος ἀνεχώρησε διὰ τὴν Βιέννην, ἐπέστρεψεν αἰφνιδίως εἰς Μόσχαν. ΜΟΣΧΑ, 18. (Ρώυτερ). — Μυστήριον ἐξακολουθεῖ νὰ καλύπτῃ τὰς ἐνέργειας τοῦ κ. Μολότωφ. Ἐν τῷ μεταξὺ ἡ διαμάχη εἰς τοὺς κόλπους τῆς σοβιετικῆς ἡγεσίας συνεχίζεται ὀξυτάτη. Ὁ κ. Μολότωφ, ὁ ὁποῖος ἀνεχώρησε διὰ τὴν Βιέννην, ἐπέστρεψεν αἰφνιδίως εἰς Μόσχαν.
ΝΙΚΗΤΗΣ Ο κ. ΚΡΟΥΣΤΣΕΦ
ΟΥΑΣΙΓΚΤΩΝ, 18. (Ρώυτερ). — Οἱ ἐν τῇ ἀμερικανικῇ πρωτευούσῃ παρατηρηταὶ πιστεύουν ὅτι ὁ κ. Κρούστσεφ ἐξῆλθε νικητὴς ἐκ τῆς ἐσωκομματικῆς διαμάχης. ΜΟΣΧΑ, 18. (Ρώυτερ). — Μυστήριον ἐξακολουθεῖ νὰ καλύπτῃ τὰς ἐνέργειας τοῦ κ. Μολότωφ. Ἐν τῷ μεταξὺ ἡ διαμάχη εἰς τοὺς κόλπους τῆς σοβιετικῆς ἡγεσίας συνεχίζεται ὀξυτάτη. Ὁ κ. Μολότωφ, ὁ ὁποῖος ἀνεχώρησε διὰ τὴν Βιέννην, ἐπέστρεψεν αἰφνιδίως εἰς Μόσχαν.
Η κ. ΦΟΥΡΤΣΕΒΑ
ΜΟΣΧΑ, 18. (Ρώυτερ). — Ἡ ὑπουργὸς Πολιτισμοῦ κ. Φουρτσέβα ἐδήλωσεν ὅτι τὸ κόμμα παραμένει ἑνωμένον. ΜΟΣΧΑ, 18. (Ρώυτερ). — Μυστήριον ἐξακολουθεῖ νὰ καλύπτῃ τὰς ἐνέργειας τοῦ κ. Μολότωφ. Ἐν τῷ μεταξὺ ἡ διαμάχη εἰς τοὺς κόλπους τῆς σοβιετικῆς ἡγεσίας συνεχίζεται ὀξυτάτη. Ὁ κ. Μολότωφ, ὁ ὁποῖος ἀνεχώρησε διὰ τὴν Βιέννην, ἐπέστρεψεν αἰφνιδίως εἰς Μόσχαν.
ΔΗΛΩΣΕΙΣ ΤΟΥ κ. ΡΑΣΚ
ΟΥΑΣΙΓΚΤΩΝ, 18. (Ἀσσ. Πρές). — Ὁ ὑπουργὸς τῶν Ἐξωτερικῶν κ. Ρὰσκ ἐδήλωσεν ὅτι αἱ ἐξελίξεις εἰς Μόσχαν παρακολουθοῦνται μετὰ προσοχῆς. ΜΟΣΧΑ, 18. (Ρώυτερ). — Μυστήριον ἐξακολουθεῖ νὰ καλύπτῃ τὰς ἐνέργειας τοῦ κ. Μολότωφ. Ἐν τῷ μεταξὺ ἡ διαμάχη εἰς τοὺς κόλπους τῆς σοβιετικῆς ἡγεσίας συνεχίζεται ὀξυτάτη. Ὁ κ. Μολότωφ, ὁ ὁποῖος ἀνεχώρησε διὰ τὴν Βιέννην, ἐπέστρεψεν αἰφνιδίως εἰς Μόσχαν.
Η ΔΙΑΜΑΧΗ ΣΥΝΕΧΙΖΕΤΑΙ
ΟΥΑΣΙΓΚΤΩΝ, 18. (Ρώυτερ). — Οἱ ἐν τῇ ἀμερικανικῇ πρωτευούσῃ παρατηρηταὶ πιστεύουν ὅτι ὁ κ. Κρούστσεφ ἐξῆλθε νικητὴς ἐκ τῆς ἐσωκομματικῆς διαμάχης. ΜΟΣΧΑ, 18. (Ρώυτερ). — Μυστήριον ἐξακολουθεῖ νὰ καλύπτῃ τὰς ἐνέργειας τοῦ κ. Μολότωφ. Ἐν τῷ μεταξὺ ἡ διαμάχη εἰς τοὺς κόλπους τῆς σοβιετικῆς ἡγεσίας συνεχίζεται ὀξυτάτη. Ὁ κ. Μολότωφ, ὁ ὁποῖος ἀνεχώρησε διὰ τὴν Βιέννην, ἐπέστρεψεν αἰφνιδίως εἰς Μόσχαν.
ΕΠΙΦΥΛΑΚΤΙΚΗ Η ΒΟΝΝΗ
ΒΟΝΝΗ, 18. (Ρώυτερ). — Εἰς τὴν Βόννην ἐπικρατεῖ ἐπιφυλακτικότης ὡς πρὸς τὰς ἐξελίξεις. ΜΟΣΧΑ, 18. (Ρώυτερ). — Μυστήριον ἐξακολουθεῖ νὰ καλύπτῃ τὰς ἐνέργειας τοῦ κ. Μολότωφ. Ἐν τῷ μεταξὺ ἡ διαμάχη εἰς τοὺς κόλπους τῆς σοβιετικῆς ἡγεσίας συνεχίζεται ὀξυτάτη. Ὁ κ. Μολότωφ, ὁ ὁποῖος ἀνεχώρησε διὰ τὴν Βιέννην, ἐπέστρεψεν αἰφνιδίως εἰς Μόσχαν.
ΣΗΜΑΝΤΙΚΑ ΖΗΤΗΜΑΤΑ
ΠΑΡΙΣΙΟΙ, 18. (Ρώυτερ). — Πληροφορίαι ἀναφέρουν ὅτι σημαντικὰ ζητήματα διακυβεύονται. ΜΟΣΧΑ, 18. (Ρώυτερ). — Μυστήριον ἐξακολουθεῖ νὰ καλύπτῃ τὰς ἐνέργειας τοῦ κ. Μολότωφ. Ἐν τῷ μεταξὺ ἡ διαμάχη εἰς τοὺς κόλπους τῆς σοβιετικῆς ἡγεσίας συνεχίζεται ὀξυτάτη. Ὁ κ. Μολότωφ, ὁ ὁποῖος ἀνεχώρησε διὰ τὴν Βιέννην, ἐπέστρεψεν αἰφνιδίως εἰς Μόσχαν.
ΑΡΘΡΟΝ ΚΑΤΑ ΤΟΥ ΣΤΑΛΙΝ
ΜΟΣΧΑ, 18. (Ρώυτερ). — Ἡ «Πράβδα» δημοσιεύει ἄρθρον κατὰ τοῦ Στάλιν καὶ τῆς λατρείας τῆς προσωπικότητος. ΜΟΣΧΑ, 18. (Ρώυτερ). — Μυστήριον ἐξακολουθεῖ νὰ καλύπτῃ τὰς ἐνέργειας τοῦ κ. Μολότωφ. Ἐν τῷ μεταξὺ ἡ διαμάχη εἰς τοὺς κόλπους τῆς σοβιετικῆς ἡγεσίας συνεχίζεται ὀξυτάτη. Ὁ κ. Μολότωφ, ὁ ὁποῖος ἀνεχώρησε διὰ τὴν Βιέννην, ἐπέστρεψεν αἰφνιδίως εἰς Μόσχαν. ΟΥΑΣΙΓΚΤΩΝ, 18. (Ρώυτερ). — Οἱ ἐν τῇ ἀμερικανικῇ πρωτευούσῃ παρατηρηταὶ πιστεύουν ὅτι ὁ κ. Κρούστσεφ ἐξῆλθε νικητὴς ἐκ τῆς ἐσωκομματικῆς διαμάχης. ΜΟΣΧΑ, 18. (Ρώυτερ). — Μυστήριον ἐξακολουθεῖ νὰ καλύπτῃ τὰς ἐνέργειας τοῦ κ. Μολότωφ. Ἐν τῷ μεταξὺ ἡ διαμάχη εἰς τοὺς κόλπους τῆς σοβιετικῆς ἡγεσίας συνεχίζεται ὀξυτάτη. Ὁ κ. Μολότωφ, ὁ ὁποῖος ἀνεχώρησε διὰ τὴν Βιέννην, ἐπέστρεψεν αἰφνιδίως εἰς Μόσχαν. ΟΥΑΣΙΓΚΤΩΝ, 18. (Ἀσσ. Πρές). — Ὁ ὑπουργὸς τῶν Ἐξωτερικῶν κ. Ρὰσκ ἐδήλωσεν ὅτι αἱ ἐξελίξεις εἰς Μόσχαν παρακολουθοῦνται μετὰ προσοχῆς. ΜΟΣΧΑ, 18. (Ρώυτερ). — Μυστήριον ἐξακολουθεῖ νὰ καλύπτῃ τὰς ἐνέργειας τοῦ κ. Μολότωφ. Ἐν τῷ μεταξὺ ἡ διαμάχη εἰς τοὺς κόλπους τῆς σοβιετικῆς ἡγεσίας συνεχίζεται ὀξυτάτη. Ὁ κ. Μολότωφ, ὁ ὁποῖος ἀνεχώρησε διὰ τὴν Βιέννην, ἐπέστρεψεν αἰφνιδίως εἰς Μόσχαν.
ΤΟ ΕΚΛΟΓΟΔΙΚΕΙΟΝ ΣΥΝΕΖΗΤΗΣΕΝ ΕΝΣΤΑΣΕΙΣ
ΔΙΑ ΤΑΣ ΣΤΡΑΤΙΩΤΙΚΑΣ ΚΑΤΑΣΤΑΣΕΙΣ
ΚΑΙ ΤΑ ΧΕΙΡΟΓΡΑΦΑ ΨΗΦΟΔΕΛΤΙΑ
ΑΛΛ' ΕΠΕΦΥΛΑΧΘΗ ΝΑ ΕΚΔΩΣΗ ΑΠΟΦΑΣΕΙΣ
ΑΘΗΝΑΙ, 18. — Τὴν 5.30' μ.μ. συνεκλήθη, διὰ δευτέραν ἡμέραν, τὸ ἐκλογοδικεῖον καὶ συνεζήτησε τὰς ἐνστάσεις διαφόρων ὑποψηφίων σχετικῶς μὲ τὰς στρατιωτικὰς καταστάσεις καὶ τὰ χειρόγραφα ψηφοδέλτια τῶν ἐκλογῶν τῆς 29ης Ὀκτωβρίου 1961. Τὸ δικαστήριον ἐπεφυλάχθη νὰ ἐκδώσῃ τὰς ἀποφάσεις του. ΑΘΗΝΑΙ, 18. — Τὴν 5.30' μ.μ. συνεκλήθη, διὰ δευτέραν ἡμέραν, τὸ ἐκλογοδικεῖον καὶ συνεζήτησε τὰς ἐνστάσεις διαφόρων ὑποψηφίων σχετικῶς μὲ τὰς στρατιωτικὰς καταστάσεις καὶ τὰ χειρόγραφα ψηφοδέλτια τῶν ἐκλογῶν τῆς 29ης Ὀκτωβρίου 1961. Τὸ δικαστήριον ἐπεφυλάχθη νὰ ἐκδώσῃ τὰς ἀποφάσεις του. Ὁ συνήγορος κ. Βαμβέτσος ὑπεστήριξεν ὅτι τὰ χειρόγραφα ψηφοδέλτια πρέπει νὰ θεωρηθοῦν ἄκυρα, διότι ἀντιβαίνουν εἰς τὰς διατάξεις τοῦ ἐκλογικοῦ νόμου.
ΤΙ ΥΠΕΣΤΗΡΙΞΕΝ Ο κ. ΒΑΜΒΕΤΣΟΣ
Ὁ συνήγορος κ. Βαμβέτσος ὑπεστήριξεν ὅτι τὰ χειρόγραφα ψηφοδέλτια πρέπει νὰ θεωρηθοῦν ἄκυρα, διότι ἀντιβαίνουν εἰς τὰς διατάξεις τοῦ ἐκλογικοῦ νόμου. ΑΘΗΝΑΙ, 18. — Τὴν 5.30' μ.μ. συνεκλήθη, διὰ δευτέραν ἡμέραν, τὸ ἐκλογοδικεῖον καὶ συνεζήτησε τὰς ἐνστάσεις διαφόρων ὑποψηφίων σχετικῶς μὲ τὰς στρατιωτικὰς καταστάσεις καὶ τὰ χειρόγραφα ψηφοδέλτια τῶν ἐκλογῶν τῆς 29ης Ὀκτωβρίου 1961. Τὸ δικαστήριον ἐπεφυλάχθη νὰ ἐκδώσῃ τὰς ἀποφάσεις του. Ὁ συνήγορος κ. Βαμβέτσος ὑπεστήριξεν ὅτι τὰ χειρόγραφα ψηφοδέλτια πρέπει νὰ θεωρηθοῦν ἄκυρα, διότι ἀντιβαίνουν εἰς τὰς διατάξεις τοῦ ἐκλογικοῦ νόμου. ΑΘΗΝΑΙ, 18. — Τὴν 5.30' μ.μ. συνεκλήθη, διὰ δευτέραν ἡμέραν, τὸ ἐκλογοδικεῖον καὶ συνεζήτησε τὰς ἐνστάσεις διαφόρων ὑποψηφίων σχετικῶς μὲ τὰς στρατιωτικὰς καταστάσεις καὶ τὰ χειρόγραφα ψηφοδέλτια τῶν ἐκλογῶν τῆς 29ης Ὀκτωβρίου 1961. Τὸ δικαστήριον ἐπεφυλάχθη νὰ ἐκδώσῃ τὰς ἀποφάσεις του. Ὁ συνήγορος κ. Βαμβέτσος ὑπεστήριξεν ὅτι τὰ χειρόγραφα ψηφοδέλτια πρέπει νὰ θεωρηθοῦν ἄκυρα, διότι ἀντιβαίνουν εἰς τὰς διατάξεις τοῦ ἐκλογικοῦ νόμου. ΑΘΗΝΑΙ, 18. — Τὴν 5.30' μ.μ. συνεκλήθη, διὰ δευτέραν ἡμέραν, τὸ ἐκλογοδικεῖον καὶ συνεζήτησε τὰς ἐνστάσεις διαφόρων ὑποψηφίων σχετικῶς μὲ τὰς στρατιωτικὰς καταστάσεις καὶ τὰ χειρόγραφα ψηφοδέλτια τῶν ἐκλογῶν τῆς 29ης Ὀκτωβρίου 1961. Τὸ δικαστήριον ἐπεφυλάχθη νὰ ἐκδώσῃ τὰς ἀποφάσεις του. Ὁ συνήγορος κ. Βαμβέτσος ὑπεστήριξεν ὅτι τὰ χειρόγραφα ψηφοδέλτια πρέπει νὰ θεωρηθοῦν ἄκυρα, διότι ἀντιβαίνουν εἰς τὰς διατάξεις τοῦ ἐκλογικοῦ νόμου. ΑΘΗΝΑΙ, 18. — Τὴν 5.30' μ.μ. συνεκλήθη, διὰ δευτέραν ἡμέραν, τὸ ἐκλογοδικεῖον καὶ συνεζήτησε τὰς ἐνστάσεις διαφόρων ὑποψηφίων σχετικῶς μὲ τὰς στρατιωτικὰς καταστάσεις καὶ τὰ χειρόγραφα ψηφοδέλτια τῶν ἐκλογῶν τῆς 29ης Ὀκτωβρίου 1961. Τὸ δικαστήριον ἐπεφυλάχθη νὰ ἐκδώσῃ τὰς ἀποφάσεις του. Ὁ συνήγορος κ. Βαμβέτσος ὑπεστήριξεν ὅτι τὰ χειρόγραφα ψηφοδέλτια πρέπει νὰ θεωρηθοῦν ἄκυρα, διότι ἀντιβαίνουν εἰς τὰς διατάξεις τοῦ ἐκλογικοῦ νόμου. ΑΘΗΝΑΙ, 18. — Τὴν 5.30' μ.μ. συνεκλήθη, διὰ δευτέραν ἡμέραν, τὸ ἐκλογοδικεῖον καὶ συνεζήτησε τὰς ἐνστάσεις διαφόρων ὑποψηφίων σχετικῶς μὲ τὰς στρατιωτικὰς καταστάσεις καὶ τὰ χειρόγραφα ψηφοδέλτια τῶν ἐκλογῶν τῆς 29ης Ὀκτωβρίου 1961. Τὸ δικαστήριον ἐπεφυλάχθη νὰ ἐκδώσῃ τὰς ἀποφάσεις του. Ὁ συνήγορος κ. Βαμβέτσος ὑπεστήριξεν ὅτι τὰ χειρόγραφα ψηφοδέλτια πρέπει νὰ θεωρηθοῦν ἄκυρα, διότι ἀντιβαίνουν εἰς τὰς διατάξεις τοῦ ἐκλογικοῦ νόμου. ΑΘΗΝΑΙ, 18. — Τὴν 5.30' μ.μ. συνεκλήθη, διὰ δευτέραν ἡμέραν, τὸ ἐκλογοδικεῖον καὶ συνεζήτησε τὰς ἐνστάσεις διαφόρων ὑποψηφίων σχετικῶς μὲ τὰς στρατιωτικὰς καταστάσεις καὶ τὰ χειρόγραφα ψηφοδέλτια τῶν ἐκλογῶν τῆς 29ης Ὀκτωβρίου 1961. Τὸ δικαστήριον ἐπεφυλάχθη νὰ ἐκδώσῃ τὰς ἀποφάσεις του. Ὁ συνήγορος κ. Βαμβέτσος ὑπεστήριξεν ὅτι τὰ χειρόγραφα ψηφοδέλτια πρέπει νὰ θεωρηθοῦν ἄκυρα, διότι ἀντιβαίνουν εἰς τὰς διατάξεις τοῦ ἐκλογικοῦ νόμου. ΑΘΗΝΑΙ, 18. — Τὴν 5.30' μ.μ. συνεκλήθη, διὰ δευτέραν ἡμέραν, τὸ ἐκλογοδικεῖον καὶ συνεζήτησε τὰς ἐνστάσεις διαφόρων ὑποψηφίων σχετικῶς μὲ τὰς στρατιωτικὰς καταστάσεις καὶ τὰ χειρόγραφα ψηφοδέλτια τῶν ἐκλογῶν τῆς 29ης Ὀκτωβρίου 1961. Τὸ δικαστήριον ἐπεφυλάχθη νὰ ἐκδώσῃ τὰς ἀποφάσεις του. Ὁ συνήγορος κ. Βαμβέτσος ὑπεστήριξεν ὅτι τὰ χειρόγραφα ψηφοδέλτια πρέπει νὰ θεωρηθοῦν ἄκυρα, διότι ἀντιβαίνουν εἰς τὰς διατάξεις τοῦ ἐκλογικοῦ νόμου. ΑΘΗΝΑΙ, 18. — Τὴν 5.30' μ.μ. συνεκλήθη, διὰ δευτέραν ἡμέραν, τὸ ἐκλογοδικεῖον καὶ συνεζήτησε τὰς ἐνστάσεις διαφόρων ὑποψηφίων σχετικῶς μὲ τὰς στρατιωτικὰς καταστάσεις καὶ τὰ χειρόγραφα ψηφοδέλτια τῶν ἐκλογῶν τῆς 29ης Ὀκτωβρίου 1961. Τὸ δικαστήριον ἐπεφυλάχθη νὰ ἐκδώσῃ τὰς ἀποφάσεις του. Ὁ συνήγορος κ. Βαμβέτσος ὑπεστήριξεν ὅτι τὰ χειρόγραφα ψηφοδέλτια πρέπει νὰ θεωρηθοῦν ἄκυρα, διότι ἀντιβαίνουν εἰς τὰς διατάξεις τοῦ ἐκλογικοῦ νόμου. ΑΘΗΝΑΙ, 18. — Τὴν 5.30' μ.μ. συνεκλήθη, διὰ δευτέραν ἡμέραν, τὸ ἐκλογοδικεῖον καὶ συνεζήτησε τὰς ἐνστάσεις διαφόρων ὑποψηφίων σχετικῶς μὲ τὰς στρατιωτικὰς καταστάσεις καὶ τὰ χειρόγραφα ψηφοδέλτια τῶν ἐκλογῶν τῆς 29ης Ὀκτωβρίου 1961. Τὸ δικαστήριον ἐπεφυλάχθη νὰ ἐκδώσῃ τὰς ἀποφάσεις του.
